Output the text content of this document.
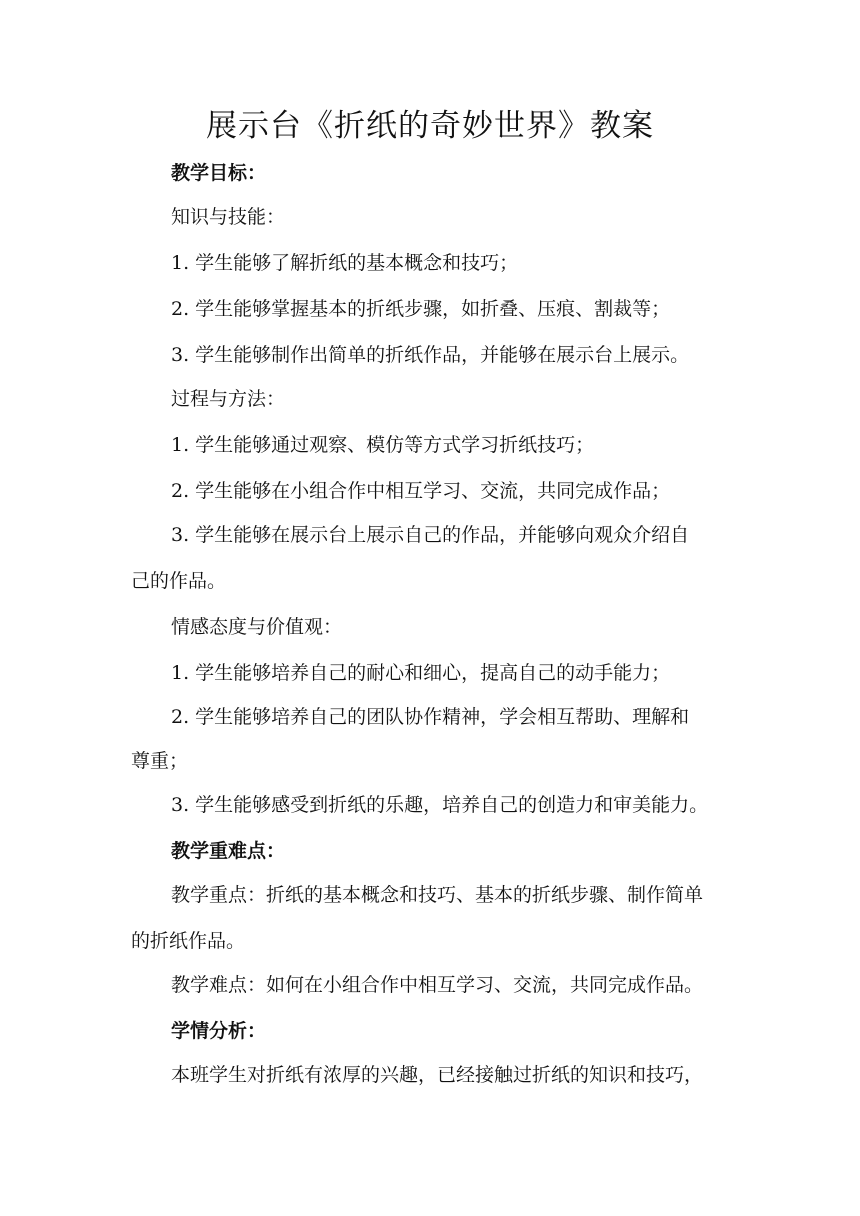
展示台《折纸的奇妙世界》教案

教学目标：

知识与技能：

1. 学生能够了解折纸的基本概念和技巧；

2. 学生能够掌握基本的折纸步骤，如折叠、压痕、割裁等；

3. 学生能够制作出简单的折纸作品，并能够在展示台上展示。

过程与方法：

1. 学生能够通过观察、模仿等方式学习折纸技巧；

2. 学生能够在小组合作中相互学习、交流，共同完成作品；

3. 学生能够在展示台上展示自己的作品，并能够向观众介绍自

己的作品。

情感态度与价值观：

1. 学生能够培养自己的耐心和细心，提高自己的动手能力；

2. 学生能够培养自己的团队协作精神，学会相互帮助、理解和

尊重；

3. 学生能够感受到折纸的乐趣，培养自己的创造力和审美能力。

教学重难点：

教学重点：折纸的基本概念和技巧、基本的折纸步骤、制作简单

的折纸作品。

教学难点：如何在小组合作中相互学习、交流，共同完成作品。

学情分析：

本班学生对折纸有浓厚的兴趣，已经接触过折纸的知识和技巧，
